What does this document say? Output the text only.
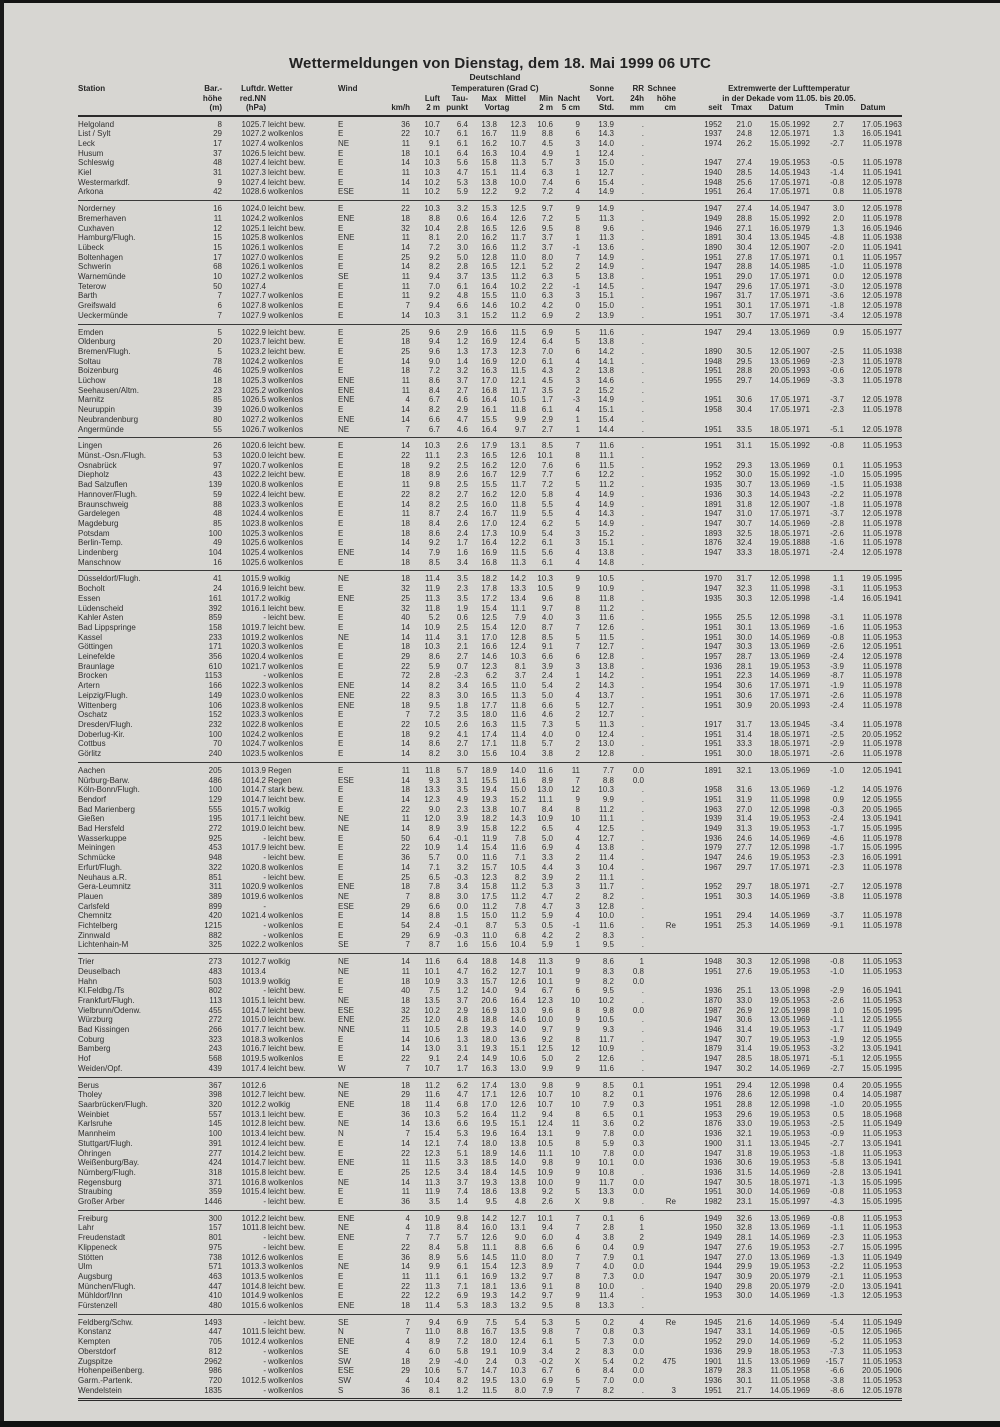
Wettermeldungen von Dienstag, dem 18. Mai 1999 06 UTC
Deutschland
Station	Bar.-	Luftdr.	Wetter	Wind		Temperaturen (Grad C)						Sonne	RR	Schnee	Extremwerte der Lufttemperatur				
	höhe	red.NN				Luft	Tau-	Max	Mittel	Min	Nacht	Vort.	24h	höhe	in der Dekade vom 11.05. bis 20.05.				
	(m)	(hPa)			km/h	2 m	punkt	Vortag		2 m	5 cm	Std.	mm	cm	seit	Tmax	Datum	Tmin	Datum
Helgoland	8	1025.7	leicht bew.	E	36	10.7	6.4	13.8	12.3	10.6	9	13.9	.		1952	21.0	15.05.1992	2.7	17.05.1963
List / Sylt	29	1027.2	wolkenlos	E	22	10.7	6.1	16.7	11.9	8.8	6	14.3	.		1937	24.8	12.05.1971	1.3	16.05.1941
Leck	17	1027.4	wolkenlos	NE	11	9.1	6.1	16.2	10.7	4.5	3	14.0	.		1974	26.2	15.05.1992	-2.7	11.05.1978
Husum	37	1026.5	leicht bew.	E	18	10.1	6.4	16.3	10.4	4.9	1	12.4	.						
Schleswig	48	1027.4	leicht bew.	E	14	10.3	5.6	15.8	11.3	5.7	3	15.0	.		1947	27.4	19.05.1953	-0.5	11.05.1978
Kiel	31	1027.3	leicht bew.	E	11	10.3	4.7	15.1	11.4	6.3	1	12.7	.		1940	28.5	14.05.1943	-1.4	11.05.1941
Westermarkdf.	9	1027.4	leicht bew.	E	14	10.2	5.3	13.8	10.0	7.4	6	15.4	.		1948	25.6	17.05.1971	-0.8	12.05.1978
Arkona	42	1028.6	wolkenlos	ESE	11	10.2	5.9	12.2	9.2	7.2	4	14.9	.		1951	26.4	17.05.1971	0.8	11.05.1978
Norderney	16	1024.0	leicht bew.	E	22	10.3	3.2	15.3	12.5	9.7	9	14.9	.		1947	27.4	14.05.1947	3.0	12.05.1978
Bremerhaven	11	1024.2	wolkenlos	ENE	18	8.8	0.6	16.4	12.6	7.2	5	11.3	.		1949	28.8	15.05.1992	2.0	11.05.1978
Cuxhaven	12	1025.1	leicht bew.	E	32	10.4	2.8	16.5	12.6	9.5	8	9.6	.		1946	27.1	16.05.1979	1.3	16.05.1946
Hamburg/Flugh.	15	1025.8	wolkenlos	ENE	11	8.1	2.0	16.2	11.7	3.7	1	11.3	.		1891	30.4	13.05.1945	-4.8	11.05.1938
Lübeck	15	1026.1	wolkenlos	E	14	7.2	3.0	16.6	11.2	3.7	-1	13.6	.		1890	30.4	12.05.1907	-2.0	11.05.1941
Boltenhagen	17	1027.0	wolkenlos	E	25	9.2	5.0	12.8	11.0	8.0	7	14.9	.		1951	27.8	17.05.1971	0.1	11.05.1957
Schwerin	68	1026.1	wolkenlos	E	14	8.2	2.8	16.5	12.1	5.2	2	14.9	.		1947	28.8	14.05.1985	-1.0	11.05.1978
Warnemünde	10	1027.2	wolkenlos	SE	11	9.4	3.7	13.5	11.2	6.3	5	13.8	.		1951	29.0	17.05.1971	0.0	12.05.1978
Teterow	50	1027.4		E	11	7.0	6.1	16.4	10.2	2.2	-1	14.5	.		1947	29.6	17.05.1971	-3.0	12.05.1978
Barth	7	1027.7	wolkenlos	E	11	9.2	4.8	15.5	11.0	6.3	3	15.1	.		1967	31.7	17.05.1971	-3.6	12.05.1978
Greifswald	6	1027.8	wolkenlos	E	7	9.4	6.6	14.6	10.2	4.2	0	15.0	.		1951	30.1	17.05.1971	-1.8	12.05.1978
Ueckermünde	7	1027.9	wolkenlos	E	14	10.3	3.1	15.2	11.2	6.9	2	13.9	.		1951	30.7	17.05.1971	-3.4	12.05.1978
Emden	5	1022.9	leicht bew.	E	25	9.6	2.9	16.6	11.5	6.9	5	11.6	.		1947	29.4	13.05.1969	0.9	15.05.1977
Oldenburg	20	1023.7	leicht bew.	E	18	9.4	1.2	16.9	12.4	6.4	5	13.8	.						
Bremen/Flugh.	5	1023.2	leicht bew.	E	25	9.6	1.3	17.3	12.3	7.0	6	14.2	.		1890	30.5	12.05.1907	-2.5	11.05.1938
Soltau	78	1024.2	wolkenlos	E	14	9.0	1.4	16.9	12.0	6.1	4	14.1	.		1948	29.5	13.05.1969	-2.3	11.05.1978
Boizenburg	46	1025.9	wolkenlos	E	18	7.2	3.2	16.3	11.5	4.3	2	13.8	.		1951	28.8	20.05.1993	-0.6	12.05.1978
Lüchow	18	1025.3	wolkenlos	ENE	11	8.6	3.7	17.0	12.1	4.5	3	14.6	.		1955	29.7	14.05.1969	-3.3	11.05.1978
Seehausen/Altm.	23	1025.2	wolkenlos	ENE	11	8.4	2.7	16.8	11.7	3.5	2	15.2	.						
Marnitz	85	1026.5	wolkenlos	ENE	4	6.7	4.6	16.4	10.5	1.7	-3	14.9	.		1951	30.6	17.05.1971	-3.7	12.05.1978
Neuruppin	39	1026.0	wolkenlos	E	14	8.2	2.9	16.1	11.8	6.1	4	15.1	.		1958	30.4	17.05.1971	-2.3	11.05.1978
Neubrandenburg	80	1027.2	wolkenlos	ENE	14	6.6	4.7	15.5	9.9	2.9	1	15.4	.						
Angermünde	55	1026.7	wolkenlos	NE	7	6.7	4.6	16.4	9.7	2.7	1	14.4	.		1951	33.5	18.05.1971	-5.1	12.05.1978
Lingen	26	1020.6	leicht bew.	E	14	10.3	2.6	17.9	13.1	8.5	7	11.6	.		1951	31.1	15.05.1992	-0.8	11.05.1953
Münst.-Osn./Flugh.	53	1020.0	leicht bew.	E	22	11.1	2.3	16.5	12.6	10.1	8	11.1	.						
Osnabrück	97	1020.7	wolkenlos	E	18	9.2	2.5	16.2	12.0	7.6	6	11.5	.		1952	29.3	13.05.1969	0.1	11.05.1953
Diepholz	43	1022.2	leicht bew.	E	18	8.9	2.6	16.7	12.9	7.7	6	12.2	.		1952	30.0	15.05.1992	-1.0	15.05.1995
Bad Salzuflen	139	1020.8	wolkenlos	E	11	9.8	2.5	15.5	11.7	7.2	5	11.2	.		1935	30.7	13.05.1969	-1.5	11.05.1938
Hannover/Flugh.	59	1022.4	leicht bew.	E	22	8.2	2.7	16.2	12.0	5.8	4	14.9	.		1936	30.3	14.05.1943	-2.2	11.05.1978
Braunschweig	88	1023.3	wolkenlos	E	14	8.2	2.5	16.0	11.8	5.5	4	14.9	.		1891	31.8	12.05.1907	-1.8	11.05.1978
Gardelegen	48	1024.4	wolkenlos	E	11	8.7	2.4	16.7	11.9	5.5	4	14.3	.		1947	31.0	17.05.1971	-3.7	12.05.1978
Magdeburg	85	1023.8	wolkenlos	E	18	8.4	2.6	17.0	12.4	6.2	5	14.9	.		1947	30.7	14.05.1969	-2.8	11.05.1978
Potsdam	100	1025.3	wolkenlos	E	18	8.6	2.4	17.3	10.9	5.4	3	15.2	.		1893	32.5	18.05.1971	-2.6	11.05.1978
Berlin-Temp.	49	1025.6	wolkenlos	E	14	9.2	1.7	16.4	12.2	6.1	3	15.1	.		1876	32.4	19.05.1888	-1.6	11.05.1978
Lindenberg	104	1025.4	wolkenlos	ENE	14	7.9	1.6	16.9	11.5	5.6	4	13.8	.		1947	33.3	18.05.1971	-2.4	12.05.1978
Manschnow	16	1025.6	wolkenlos	E	18	8.5	3.4	16.8	11.3	6.1	4	14.8	.						
Düsseldorf/Flugh.	41	1015.9	wolkig	NE	18	11.4	3.5	18.2	14.2	10.3	9	10.5	.		1970	31.7	12.05.1998	1.1	19.05.1995
Bocholt	24	1016.9	leicht bew.	E	32	11.9	2.3	17.8	13.3	10.5	9	10.9	.		1947	32.3	11.05.1998	-3.1	11.05.1953
Essen	161	1017.2	wolkig	ENE	25	11.3	3.5	17.2	13.4	9.6	8	11.8	.		1935	30.3	12.05.1998	-1.4	16.05.1941
Lüdenscheid	392	1016.1	leicht bew.	E	32	11.8	1.9	15.4	11.1	9.7	8	11.2	.						
Kahler Asten	859	-	leicht bew.	E	40	5.2	0.6	12.5	7.9	4.0	3	11.6	.		1955	25.5	12.05.1998	-3.1	11.05.1978
Bad Lippspringe	158	1019.7	leicht bew.	E	14	10.9	2.5	15.4	12.0	8.7	7	12.6	.		1951	30.1	13.05.1969	-1.6	11.05.1953
Kassel	233	1019.2	wolkenlos	NE	14	11.4	3.1	17.0	12.8	8.5	5	11.5	.		1951	30.0	14.05.1969	-0.8	11.05.1953
Göttingen	171	1020.3	wolkenlos	E	18	10.3	2.1	16.6	12.4	9.1	7	12.7	.		1947	30.3	13.05.1969	-2.6	12.05.1951
Leinefelde	356	1020.4	wolkenlos	E	29	8.6	2.7	14.6	10.3	6.6	6	12.8	.		1957	28.7	13.05.1969	-2.4	12.05.1978
Braunlage	610	1021.7	wolkenlos	E	22	5.9	0.7	12.3	8.1	3.9	3	13.8	.		1936	28.1	19.05.1953	-3.9	11.05.1978
Brocken	1153	-	wolkenlos	E	72	2.8	-2.3	6.2	3.7	2.4	1	14.2	.		1951	22.3	14.05.1969	-8.7	11.05.1978
Artern	166	1022.3	wolkenlos	ENE	14	8.2	3.4	16.5	11.0	5.4	2	14.3	.		1954	30.6	17.05.1971	-1.9	11.05.1978
Leipzig/Flugh.	149	1023.0	wolkenlos	ENE	22	8.3	3.0	16.5	11.3	5.0	4	13.7	.		1951	30.6	17.05.1971	-2.6	11.05.1978
Wittenberg	106	1023.8	wolkenlos	ENE	18	9.5	1.8	17.7	11.8	6.6	5	12.7	.		1951	30.9	20.05.1993	-2.4	11.05.1978
Oschatz	152	1023.3	wolkenlos	E	7	7.2	3.5	18.0	11.6	4.6	2	12.7	.						
Dresden/Flugh.	232	1022.8	wolkenlos	E	22	10.5	2.6	16.3	11.5	7.3	5	11.3	.		1917	31.7	13.05.1945	-3.4	11.05.1978
Doberlug-Kir.	100	1024.2	wolkenlos	E	18	9.2	4.1	17.4	11.4	4.0	0	12.4	.		1951	31.4	18.05.1971	-2.5	20.05.1952
Cottbus	70	1024.7	wolkenlos	E	14	8.6	2.7	17.1	11.8	5.7	2	13.0	.		1951	33.3	18.05.1971	-2.9	11.05.1978
Görlitz	240	1023.5	wolkenlos	E	14	8.2	3.0	15.6	10.4	3.8	2	12.8	.		1951	30.0	18.05.1971	-2.6	11.05.1978
Aachen	205	1013.9	Regen	E	11	11.8	5.7	18.9	14.0	11.6	11	7.7	0.0		1891	32.1	13.05.1969	-1.0	12.05.1941
Nürburg-Barw.	486	1014.2	Regen	ESE	14	9.3	3.1	15.5	11.6	8.9	7	8.8	0.0						
Köln-Bonn/Flugh.	100	1014.7	stark bew.	E	18	13.3	3.5	19.4	15.0	13.0	12	10.3	.		1958	31.6	13.05.1969	-1.2	14.05.1976
Bendorf	129	1014.7	leicht bew.	E	14	12.3	4.9	19.3	15.2	11.1	9	9.9	.		1951	31.9	11.05.1998	0.9	12.05.1955
Bad Marienberg	555	1015.7	wolkig	E	22	9.0	2.3	13.8	10.7	8.4	8	11.2	.		1963	27.0	12.05.1998	-0.3	20.05.1965
Gießen	195	1017.1	leicht bew.	NE	11	12.0	3.9	18.2	14.3	10.9	10	11.1	.		1939	31.4	19.05.1953	-2.4	13.05.1941
Bad Hersfeld	272	1019.0	leicht bew.	NE	14	8.9	3.9	15.8	12.2	6.5	4	12.5	.		1949	31.3	19.05.1953	-1.7	15.05.1995
Wasserkuppe	925	-	leicht bew.	E	50	6.4	-0.1	11.9	7.8	5.0	4	12.7	.		1936	24.6	14.05.1969	-4.6	11.05.1978
Meiningen	453	1017.9	leicht bew.	E	22	10.9	1.4	15.4	11.6	6.9	4	13.8	.		1979	27.7	12.05.1998	-1.7	15.05.1995
Schmücke	948	-	leicht bew.	E	36	5.7	0.0	11.6	7.1	3.3	2	11.4	.		1947	24.6	19.05.1953	-2.3	16.05.1991
Erfurt/Flugh.	322	1020.8	wolkenlos	E	14	7.1	3.2	15.7	10.5	4.4	3	10.4	.		1967	29.7	17.05.1971	-2.3	11.05.1978
Neuhaus a.R.	851	-	leicht bew.	E	25	6.5	-0.3	12.3	8.2	3.9	2	11.1	.						
Gera-Leumnitz	311	1020.9	wolkenlos	ENE	18	7.8	3.4	15.8	11.2	5.3	3	11.7	.		1952	29.7	18.05.1971	-2.7	12.05.1978
Plauen	389	1019.6	wolkenlos	NE	7	8.8	3.0	17.5	11.2	4.7	2	8.2	.		1951	30.3	14.05.1969	-3.8	11.05.1978
Carlsfeld	899	-		ESE	29	6.6	0.0	11.2	7.8	4.7	3	12.8	.						
Chemnitz	420	1021.4	wolkenlos	E	14	8.8	1.5	15.0	11.2	5.9	4	10.0	.		1951	29.4	14.05.1969	-3.7	11.05.1978
Fichtelberg	1215	-	wolkenlos	E	54	2.4	-0.1	8.7	5.3	0.5	-1	11.6	.	Re	1951	25.3	14.05.1969	-9.1	11.05.1978
Zinnwald	882	-	wolkenlos	E	29	6.9	-0.3	11.0	6.8	4.2	2	8.3	.						
Lichtenhain-M	325	1022.2	wolkenlos	SE	7	8.7	1.6	15.6	10.4	5.9	1	9.5	.						
Trier	273	1012.7	wolkig	NE	14	11.6	6.4	18.8	14.8	11.3	9	8.6	1		1948	30.3	12.05.1998	-0.8	11.05.1953
Deuselbach	483	1013.4		NE	11	10.1	4.7	16.2	12.7	10.1	9	8.3	0.8		1951	27.6	19.05.1953	-1.0	11.05.1953
Hahn	503	1013.9	wolkig	E	18	10.9	3.3	15.7	12.6	10.1	9	8.2	0.0						
Kl.Feldbg./Ts	802	-	leicht bew.	E	40	7.5	1.2	14.0	9.4	6.7	6	9.5	.		1936	25.1	13.05.1998	-2.9	16.05.1941
Frankfurt/Flugh.	113	1015.1	leicht bew.	NE	18	13.5	3.7	20.6	16.4	12.3	10	10.2	.		1870	33.0	19.05.1953	-2.6	11.05.1953
Vielbrunn/Odenw.	455	1014.7	leicht bew.	ESE	32	10.2	2.9	16.9	13.0	9.6	8	9.8	0.0		1987	26.9	12.05.1998	1.0	15.05.1995
Würzburg	272	1015.0	leicht bew.	ENE	25	12.0	4.8	18.8	14.6	10.0	9	10.5	.		1947	30.6	13.05.1969	-1.1	12.05.1955
Bad Kissingen	266	1017.7	leicht bew.	NNE	11	10.5	2.8	19.3	14.0	9.7	9	9.3	.		1946	31.4	19.05.1953	-1.7	11.05.1949
Coburg	323	1018.3	wolkenlos	E	14	10.6	1.3	18.0	13.6	9.2	8	11.7	.		1947	30.7	19.05.1953	-1.9	12.05.1955
Bamberg	243	1016.7	leicht bew.	E	14	13.0	3.1	19.3	15.1	12.5	12	10.9	.		1879	31.4	19.05.1953	-3.2	13.05.1941
Hof	568	1019.5	wolkenlos	E	22	9.1	2.4	14.9	10.6	5.0	2	12.6	.		1947	28.5	18.05.1971	-5.1	12.05.1955
Weiden/Opf.	439	1017.4	leicht bew.	W	7	10.7	1.7	16.3	13.0	9.9	9	11.6	.		1947	30.2	14.05.1969	-2.7	15.05.1995
Berus	367	1012.6		NE	18	11.2	6.2	17.4	13.0	9.8	9	8.5	0.1		1951	29.4	12.05.1998	0.4	20.05.1955
Tholey	398	1012.7	leicht bew.	NE	29	11.6	4.7	17.1	12.6	10.7	10	8.2	0.1		1976	28.6	12.05.1998	0.4	14.05.1987
Saarbrücken/Flugh.	320	1012.2	wolkig	ENE	18	11.4	6.8	17.0	12.6	10.7	10	7.9	0.3		1951	28.8	12.05.1998	-1.0	20.05.1955
Weinbiet	557	1013.1	leicht bew.	E	36	10.3	5.2	16.4	11.2	9.4	8	6.5	0.1		1953	29.6	19.05.1953	0.5	18.05.1968
Karlsruhe	145	1012.8	leicht bew.	NE	14	13.6	6.6	19.5	15.1	12.4	11	3.6	0.2		1876	33.0	19.05.1953	-2.5	11.05.1949
Mannheim	100	1013.4	leicht bew.	N	7	15.4	5.3	19.6	16.4	13.1	9	7.8	0.0		1936	32.1	19.05.1953	-0.9	11.05.1953
Stuttgart/Flugh.	391	1012.4	leicht bew.	E	14	12.1	7.4	18.0	13.8	10.5	8	5.9	0.3		1900	31.1	13.05.1945	-2.7	13.05.1941
Öhringen	277	1014.2	leicht bew.	E	22	12.3	5.1	18.9	14.6	11.1	10	7.8	0.0		1947	31.8	19.05.1953	-1.8	11.05.1953
Weißenburg/Bay.	424	1014.7	leicht bew.	ENE	11	11.5	3.3	18.5	14.0	9.8	9	10.1	0.0		1936	30.6	19.05.1953	-5.8	13.05.1941
Nürnberg/Flugh.	318	1015.8	leicht bew.	E	25	12.5	3.4	18.4	14.5	10.9	9	10.8	.		1936	31.5	14.05.1969	-2.8	13.05.1941
Regensburg	371	1016.8	wolkenlos	NE	14	11.3	3.7	19.3	13.8	10.0	9	11.7	0.0		1947	30.5	18.05.1971	-1.3	15.05.1995
Straubing	359	1015.4	leicht bew.	E	11	11.9	7.4	18.6	13.8	9.2	5	13.3	0.0		1951	30.0	14.05.1969	-0.8	11.05.1953
Großer Arber	1446	-	leicht bew.	E	36	3.5	1.4	9.5	4.8	2.6	X	9.8	.	Re	1982	23.1	15.05.1997	-4.3	15.05.1995
Freiburg	300	1012.2	leicht bew.	ENE	4	10.9	9.8	14.2	12.7	10.1	7	0.1	6		1949	32.6	13.05.1969	-0.8	11.05.1953
Lahr	157	1011.8	leicht bew.	NE	4	11.8	8.4	16.0	13.1	9.4	7	2.8	1		1950	32.8	13.05.1969	-1.1	11.05.1953
Freudenstadt	801	-	leicht bew.	ENE	7	7.7	5.7	12.6	9.0	6.0	4	3.8	2		1949	28.1	14.05.1969	-2.3	11.05.1953
Klippeneck	975	-	leicht bew.	E	22	8.4	5.8	11.1	8.8	6.6	6	0.4	0.9		1947	27.6	19.05.1953	-2.7	15.05.1995
Stötten	738	1012.6	wolkenlos	E	36	8.9	5.6	14.5	11.0	8.0	7	7.9	0.1		1947	27.0	13.05.1969	-1.3	11.05.1949
Ulm	571	1013.3	wolkenlos	NE	14	9.9	6.1	15.4	12.3	8.9	7	4.0	0.0		1944	29.9	19.05.1953	-2.2	11.05.1953
Augsburg	463	1013.5	wolkenlos	E	11	11.1	6.1	16.9	13.2	9.7	8	7.3	0.0		1947	30.9	20.05.1979	-2.1	11.05.1953
München/Flugh.	447	1014.8	leicht bew.	E	22	11.3	7.1	18.1	13.6	9.1	8	10.0	.		1940	29.8	20.05.1979	-2.0	13.05.1941
Mühldorf/Inn	410	1014.9	wolkenlos	E	22	12.2	6.9	19.3	14.2	9.7	9	11.4	.		1953	30.0	14.05.1969	-1.3	12.05.1953
Fürstenzell	480	1015.6	wolkenlos	ENE	18	11.4	5.3	18.3	13.2	9.5	8	13.3	.						
Feldberg/Schw.	1493	-	leicht bew.	SE	7	9.4	6.9	7.5	5.4	5.3	5	0.2	4	Re	1945	21.6	14.05.1969	-5.4	11.05.1949
Konstanz	447	1011.5	leicht bew.	N	7	11.0	8.8	16.7	13.5	9.8	7	0.8	0.3		1947	33.1	14.05.1969	-0.5	12.05.1965
Kempten	705	1012.4	wolkenlos	ENE	4	8.9	7.2	18.0	12.4	6.1	5	7.3	0.0		1952	29.0	14.05.1969	-5.2	11.05.1953
Oberstdorf	812	-	wolkenlos	SE	4	6.0	5.8	19.1	10.9	3.4	2	8.3	0.0		1936	29.9	18.05.1953	-7.3	11.05.1953
Zugspitze	2962	-	wolkenlos	SW	18	2.9	-4.0	2.4	0.3	-0.2	X	5.4	0.2	475	1901	11.5	13.05.1969	-15.7	11.05.1953
Hohenpeißenberg.	986	-	wolkenlos	ESE	29	10.6	5.7	14.7	10.3	6.7	6	8.4	0.0		1879	28.3	11.05.1958	-6.6	20.05.1906
Garm.-Partenk.	720	1012.5	wolkenlos	SW	4	10.4	8.2	19.5	13.0	6.9	5	7.0	0.0		1936	30.1	11.05.1958	-3.8	11.05.1953
Wendelstein	1835	-	wolkenlos	S	36	8.1	1.2	11.5	8.0	7.9	7	8.2	.	3	1951	21.7	14.05.1969	-8.6	12.05.1978
